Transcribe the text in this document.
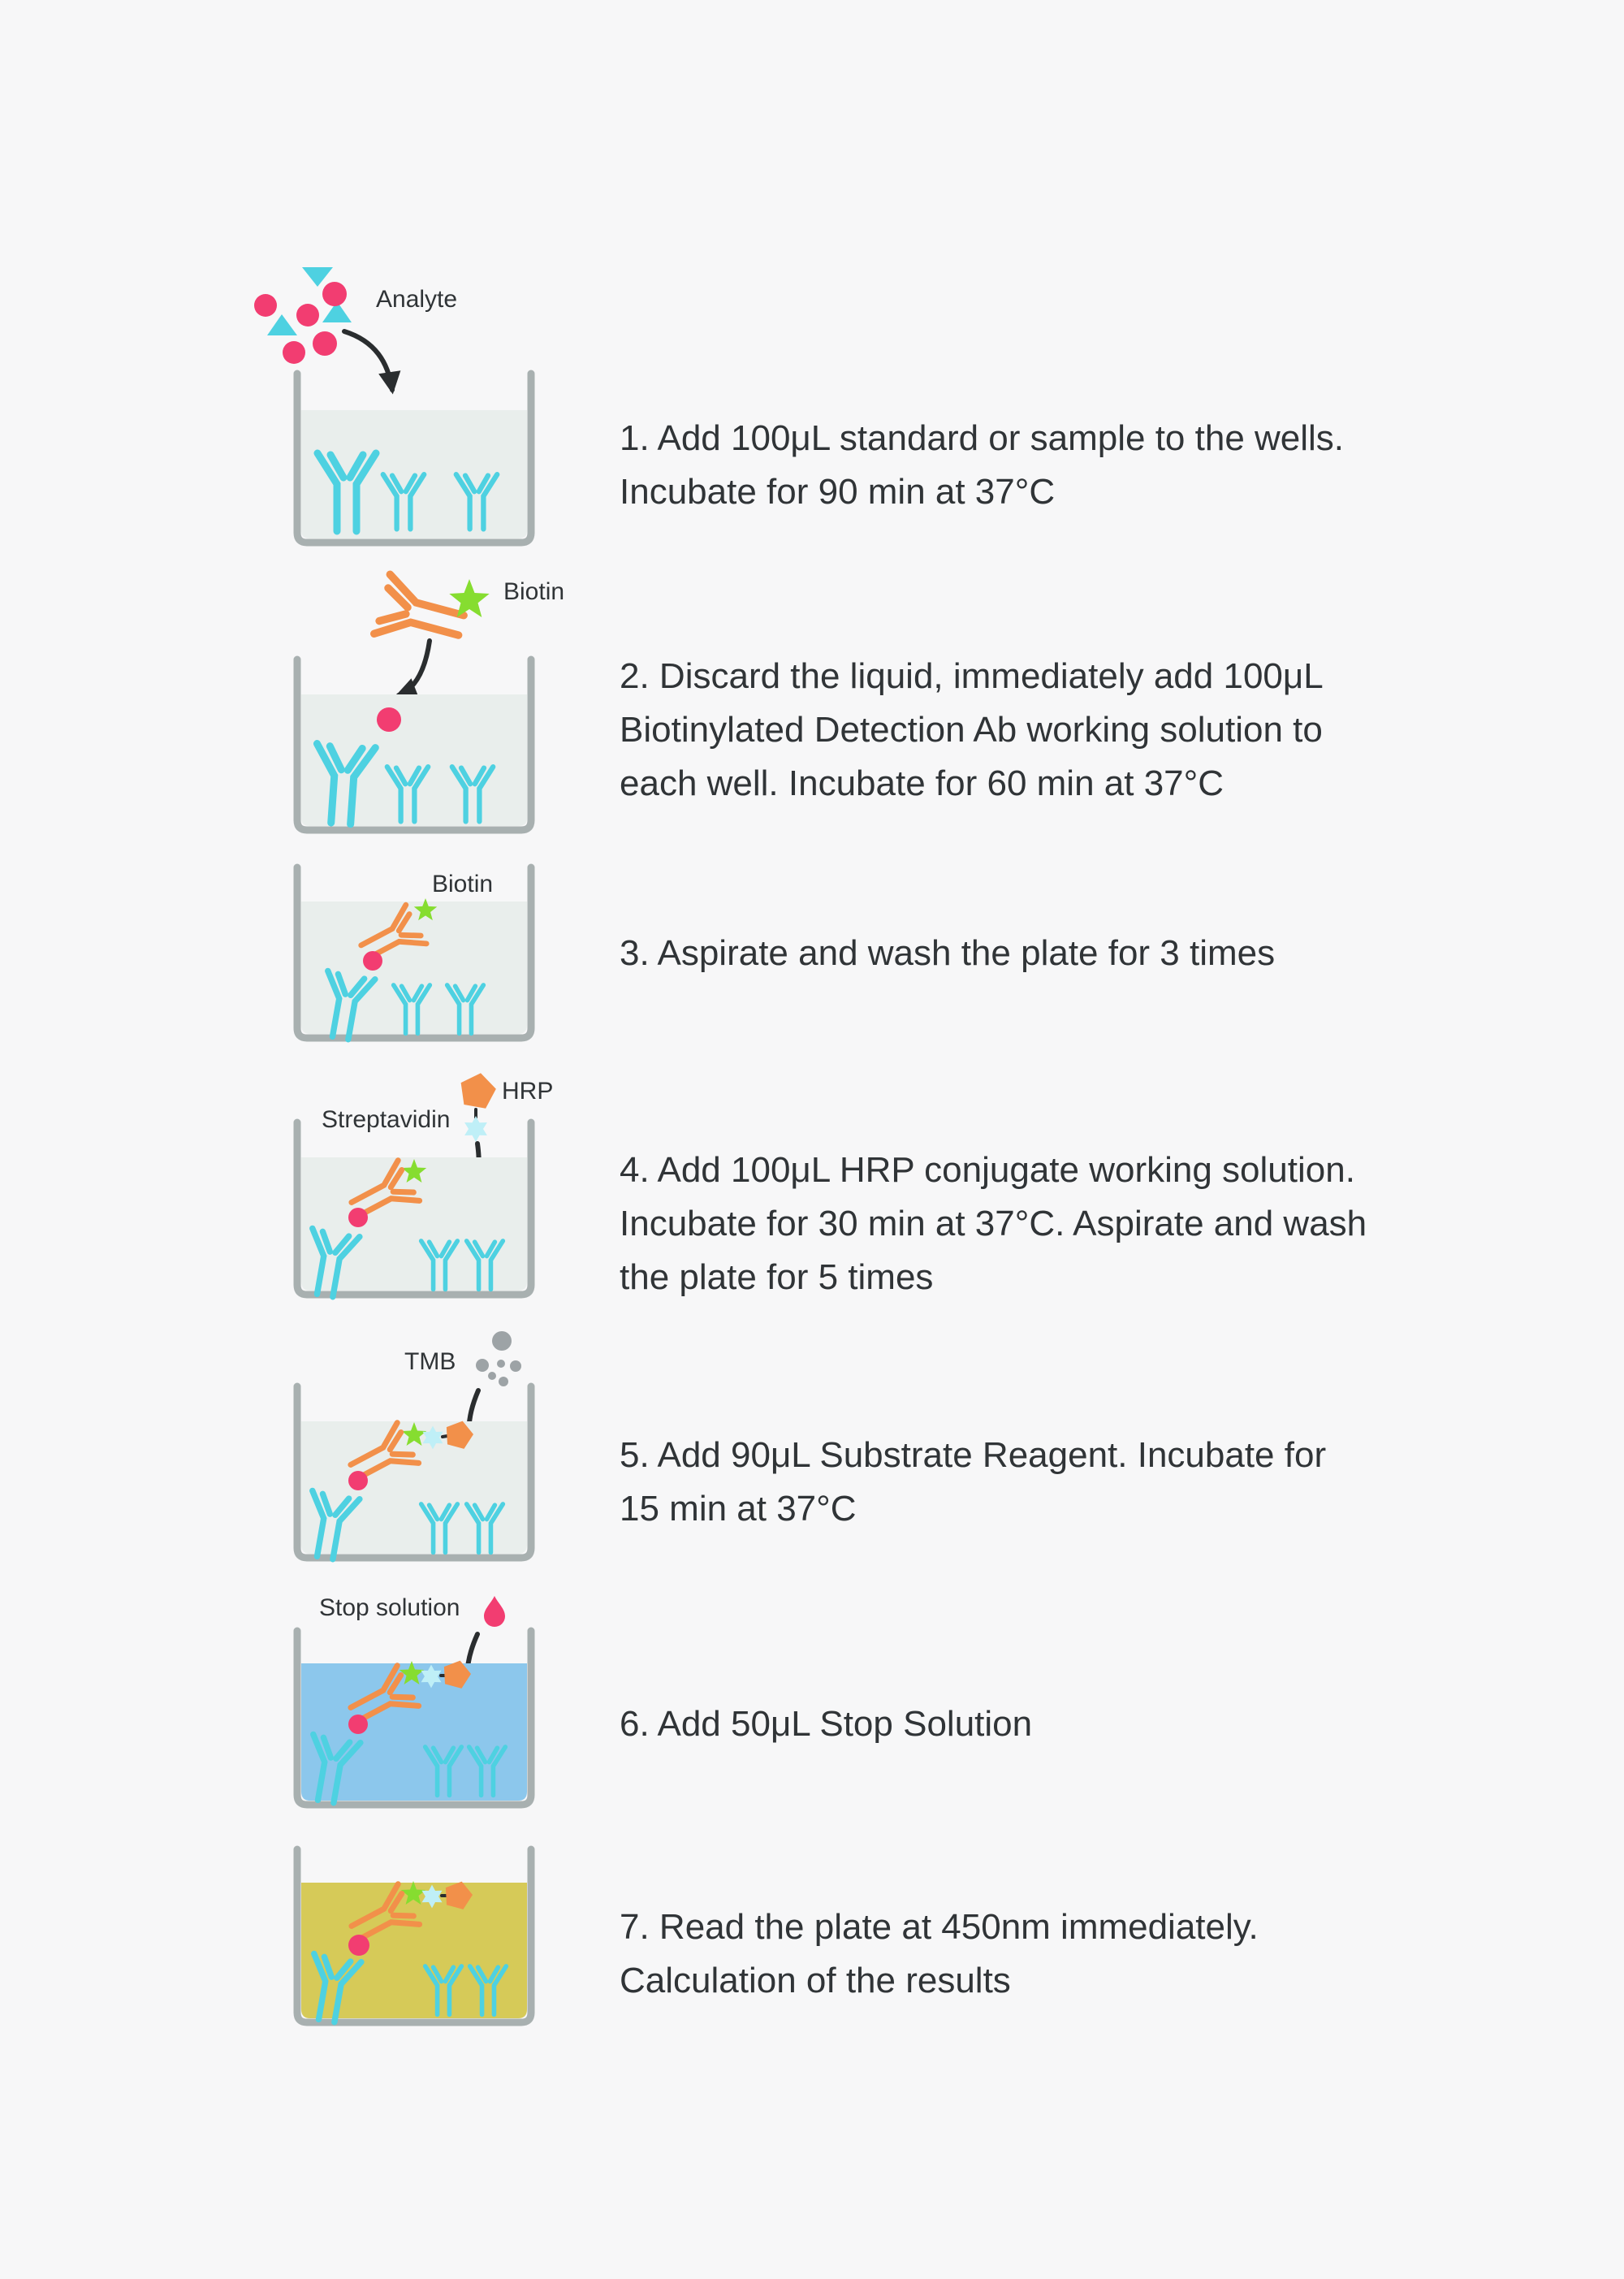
Analyte
Biotin
Biotin
HRP
Streptavidin
TMB
Stop solution
1. Add 100μL standard or sample to the wells.
Incubate for 90 min at 37°C
2. Discard the liquid, immediately add 100μL
Biotinylated Detection Ab working solution to
each well. Incubate for 60 min at 37°C
3. Aspirate and wash the plate for 3 times
4. Add 100μL HRP conjugate working solution.
Incubate for 30 min at 37°C. Aspirate and wash
the plate for 5 times
5. Add 90μL Substrate Reagent. Incubate for
15 min at 37°C
6. Add 50μL Stop Solution
7. Read the plate at 450nm immediately.
Calculation of the results
